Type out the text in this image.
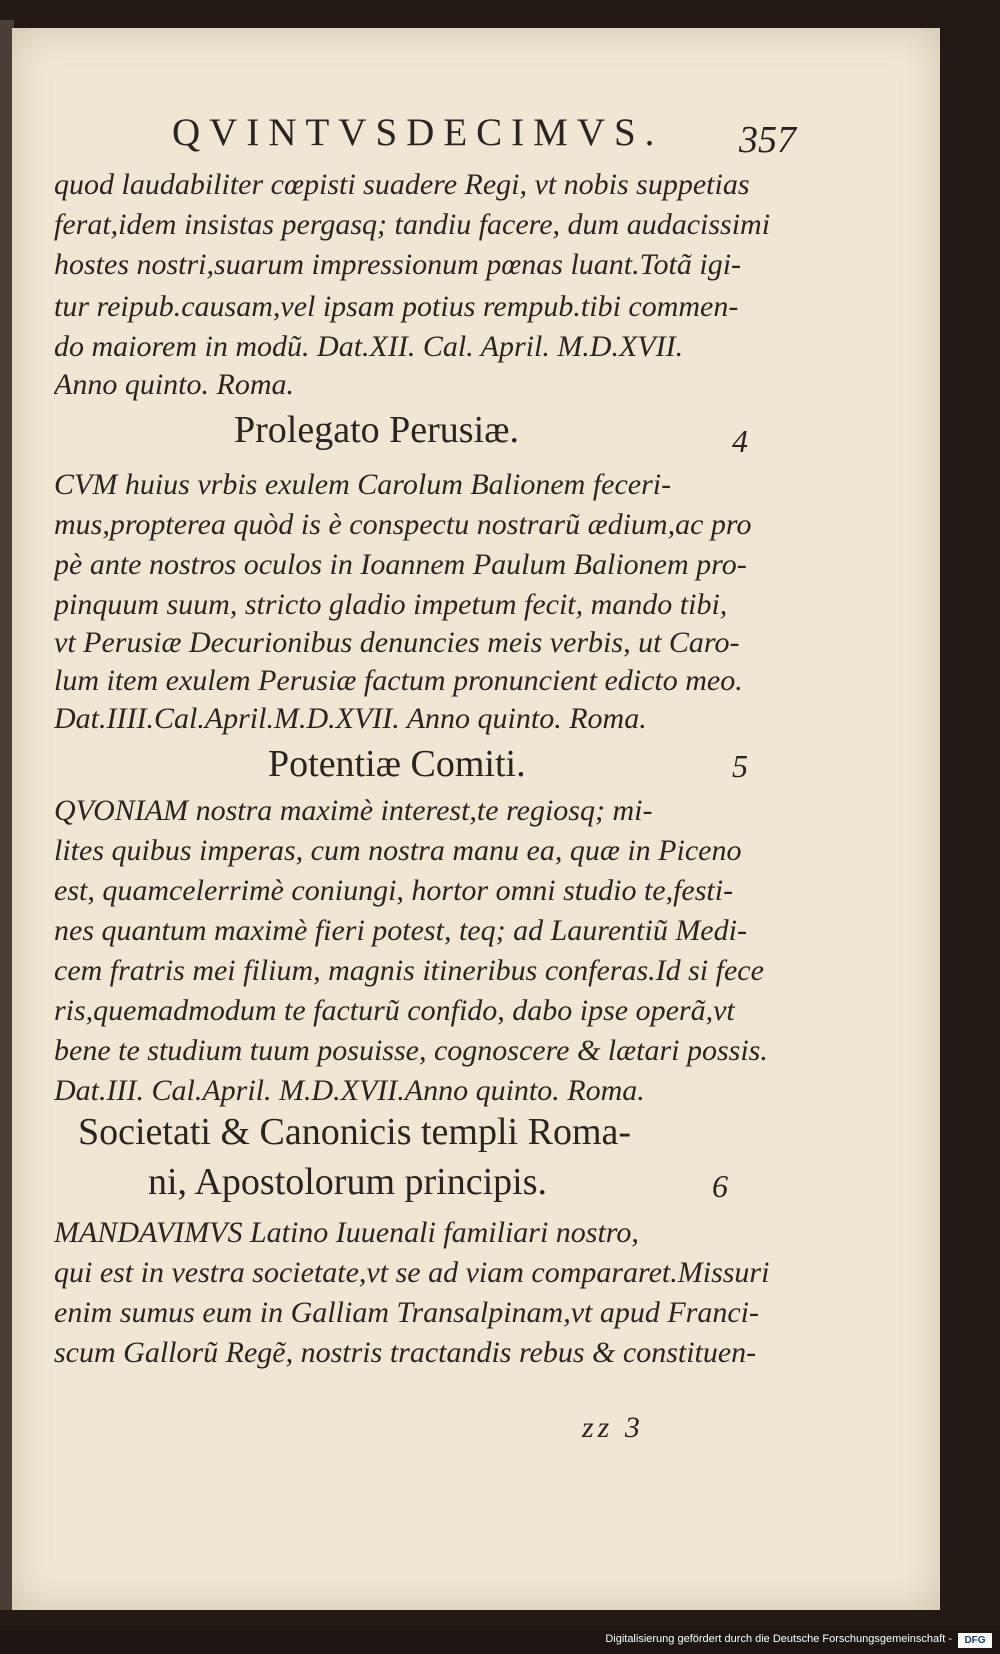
QVINTVSDECIMVS. 357
quod laudabiliter cœpisti suadere Regi, vt nobis suppetias
ferat,idem insistas pergasq; tandiu facere, dum audacissimi
hostes nostri,suarum impressionum pœnas luant.Totã igi-
tur reipub.causam,vel ipsam potius rempub.tibi commen-
do maiorem in modũ. Dat.XII. Cal. April. M.D.XVII.
Anno quinto. Roma.
Prolegato Perusiæ.	4
CVM huius vrbis exulem Carolum Balionem feceri-
mus,propterea quòd is è conspectu nostrarũ ædium,ac pro
pè ante nostros oculos in Ioannem Paulum Balionem pro-
pinquum suum, stricto gladio impetum fecit, mando tibi,
vt Perusiæ Decurionibus denuncies meis verbis, ut Caro-
lum item exulem Perusiæ factum pronuncient edicto meo.
Dat.IIII.Cal.April.M.D.XVII. Anno quinto. Roma.
Potentiæ Comiti.	5
QVONIAM nostra maximè interest,te regiosq; mi-
lites quibus imperas, cum nostra manu ea, quæ in Piceno
est, quamcelerrimè coniungi, hortor omni studio te,festi-
nes quantum maximè fieri potest, teq; ad Laurentiũ Medi-
cem fratris mei filium, magnis itineribus conferas.Id si fece
ris,quemadmodum te facturũ confido, dabo ipse operã,vt
bene te studium tuum posuisse, cognoscere & lætari possis.
Dat.III. Cal.April. M.D.XVII.Anno quinto. Roma.
Societati & Canonicis templi Roma-
ni, Apostolorum principis.	6
MANDAVIMVS Latino Iuuenali familiari nostro,
qui est in vestra societate,vt se ad viam compararet.Missuri
enim sumus eum in Galliam Transalpinam,vt apud Franci-
scum Gallorũ Regẽ, nostris tractandis rebus & constituen-
zz 3
Digitalisierung gefördert durch die Deutsche Forschungsgemeinschaft -	DFG
